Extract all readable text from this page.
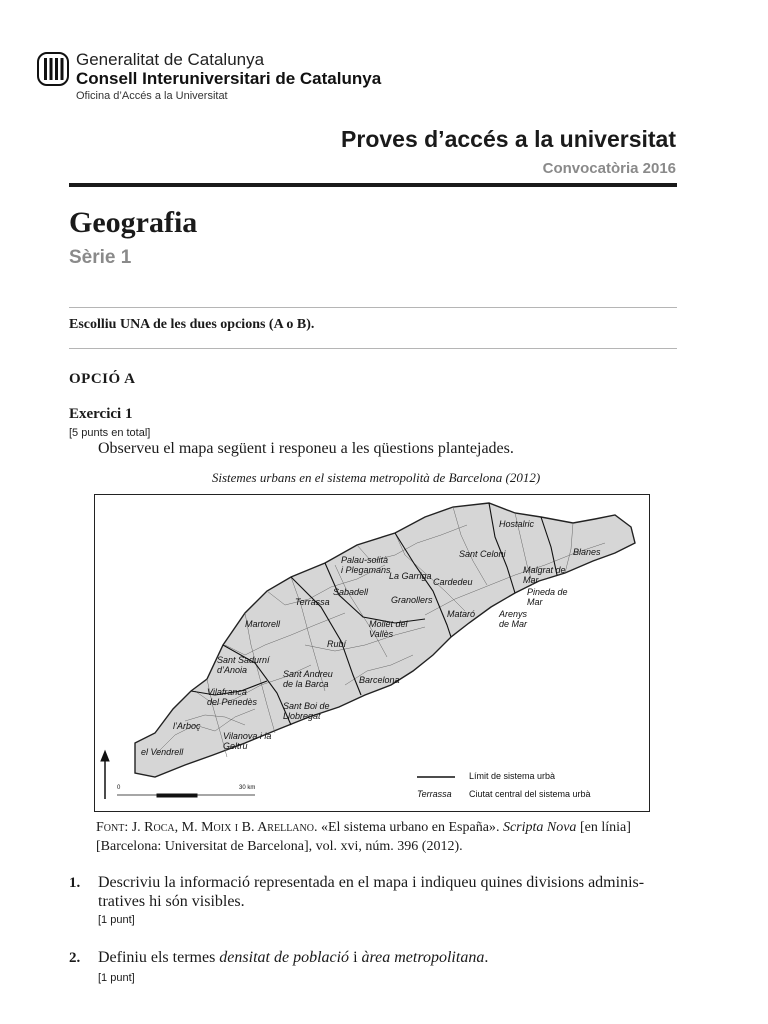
Generalitat de Catalunya
Consell Interuniversitari de Catalunya
Oficina d’Accés a la Universitat
Proves d’accés a la universitat
Convocatòria 2016
Geografia
Sèrie 1
Escolliu UNA de les dues opcions (A o B).
OPCIÓ A
Exercici 1
[5 punts en total]
Observeu el mapa següent i responeu a les qüestions plantejades.
Sistemes urbans en el sistema metropolità de Barcelona (2012)
0	30 km
Límit de sistema urbà
Terrassa Ciutat central del sistema urbà
Hostalric
Sant Celoni	Blanes
Palau-solità i Plegamans
La Garriga
Cardedeu
Malgrat de Mar
Pineda de Mar
Sabadell
Granollers
Terrassa
Mataró	Arenys de Mar
Martorell	Mollet del Vallès
Rubí
Sant Sadurní d’Anoia	Sant Andreu de la Barca	Barcelona
Vilafranca del Penedès	Sant Boi de Llobregat
l’Arboç
Vilanova i la Geltrú
el Vendrell
Font: J. Roca, M. Moix i B. Arellano. «El sistema urbano en España». Scripta Nova [en línia] [Barcelona: Universitat de Barcelona], vol. xvi, núm. 396 (2012).
1. Descriviu la informació representada en el mapa i indiqueu quines divisions administratives hi són visibles.
[1 punt]
2. Definiu els termes densitat de població i àrea metropolitana.
[1 punt]
